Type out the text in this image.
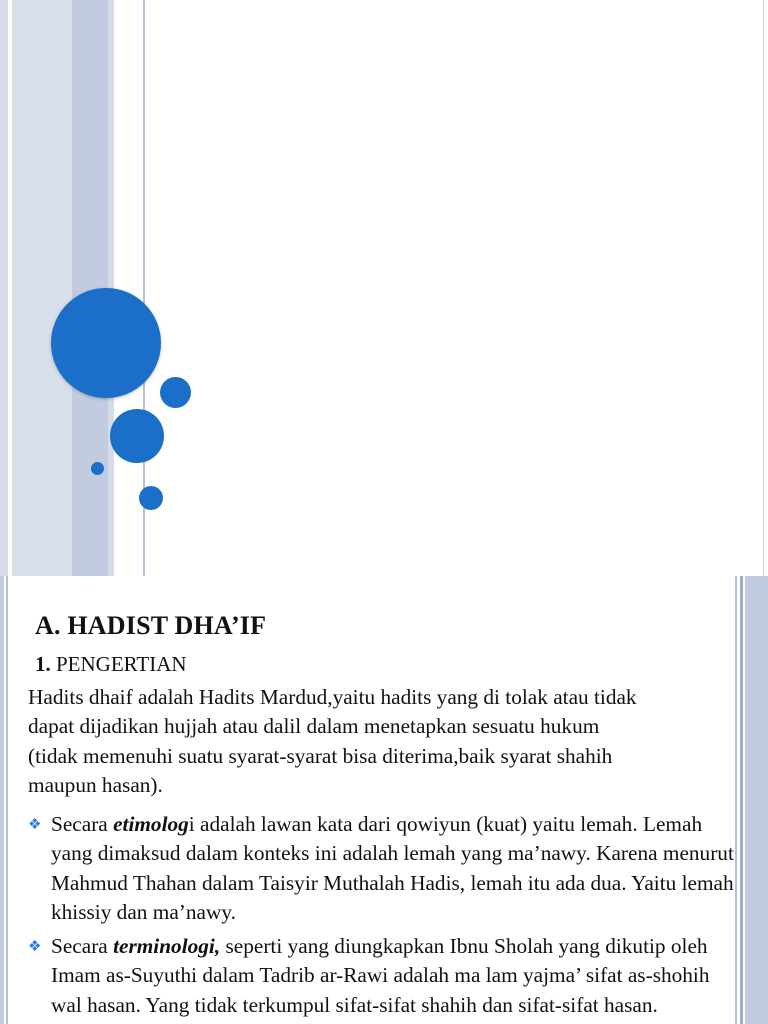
A. HADIST DHA’IF

1. PENGERTIAN

Hadits dhaif adalah Hadits Mardud,yaitu hadits yang di tolak atau tidak
dapat dijadikan hujjah atau dalil dalam menetapkan sesuatu hukum
(tidak memenuhi suatu syarat-syarat bisa diterima,baik syarat shahih
maupun hasan).

❖ Secara etimologi adalah lawan kata dari qowiyun (kuat) yaitu lemah. Lemah yang dimaksud dalam konteks ini adalah lemah yang ma’nawy. Karena menurut Mahmud Thahan dalam Taisyir Muthalah Hadis, lemah itu ada dua. Yaitu lemah khissiy dan ma’nawy.
❖ Secara terminologi, seperti yang diungkapkan Ibnu Sholah yang dikutip oleh Imam as-Suyuthi dalam Tadrib ar-Rawi adalah ma lam yajma’ sifat as-shohih wal hasan. Yang tidak terkumpul sifat-sifat shahih dan sifat-sifat hasan.
